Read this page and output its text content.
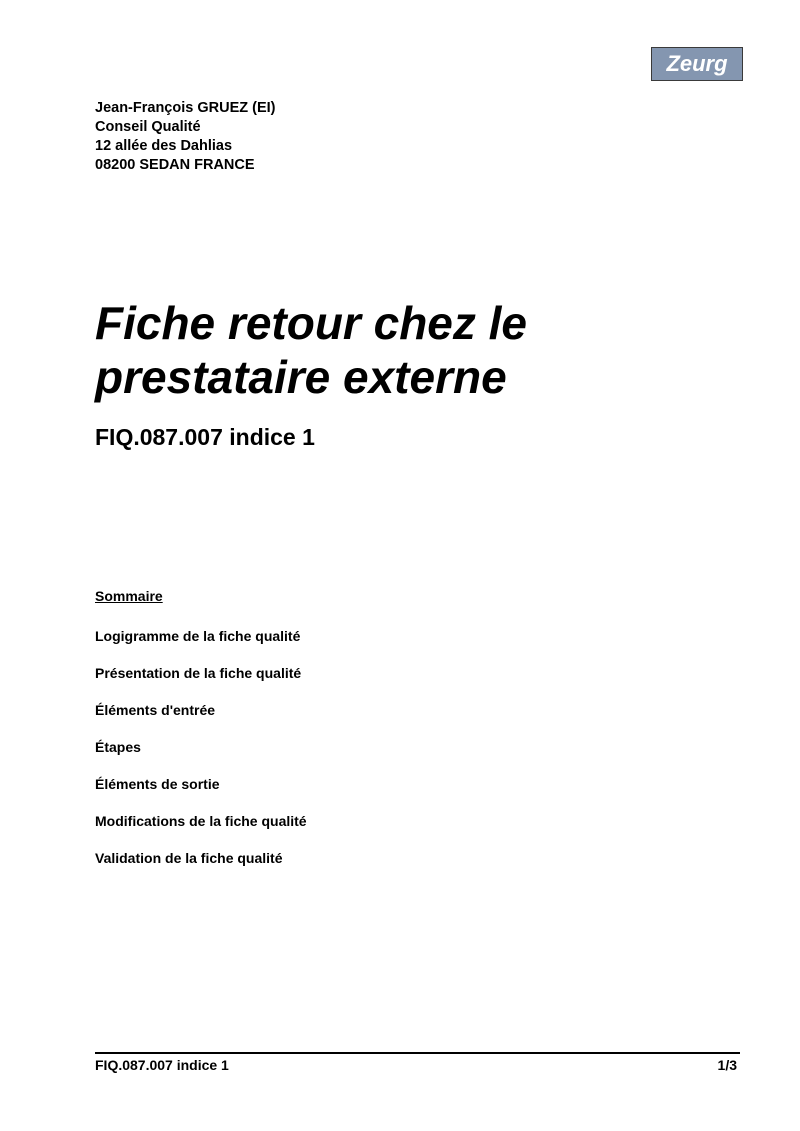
Zeurg
Jean-François GRUEZ (EI)
Conseil Qualité
12 allée des Dahlias
08200 SEDAN FRANCE
Fiche retour chez le prestataire externe
FIQ.087.007 indice 1
Sommaire
Logigramme de la fiche qualité
Présentation de la fiche qualité
Éléments d'entrée
Étapes
Éléments de sortie
Modifications de la fiche qualité
Validation de la fiche qualité
FIQ.087.007 indice 1	1/3
